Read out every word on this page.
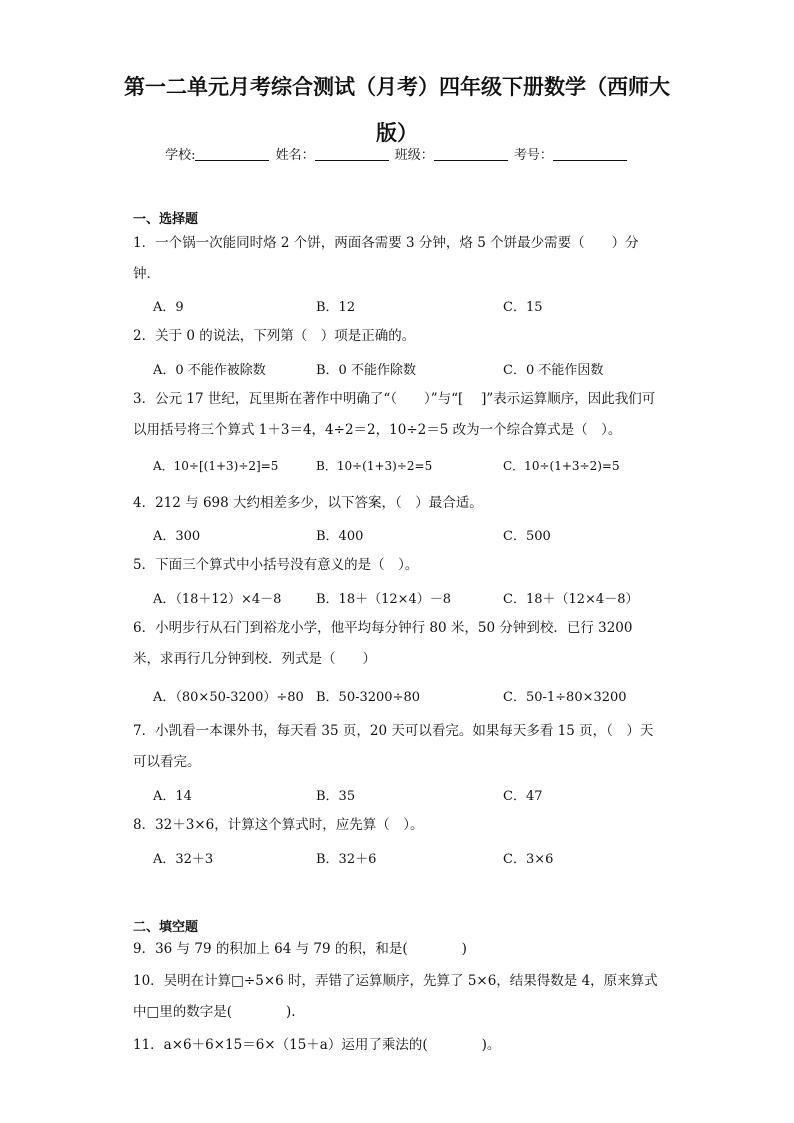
第一二单元月考综合测试（月考）四年级下册数学（西师大
版）
学校:	姓名：	班级：	考号：
一、选择题
1．一个锅一次能同时烙 2 个饼，两面各需要 3 分钟，烙 5 个饼最少需要（　　）分钟．
A．9	B．12	C．15
2．关于 0 的说法，下列第（　）项是正确的。
A．0 不能作被除数	B．0 不能作除数	C．0 不能作因数
3．公元 17 世纪，瓦里斯在著作中明确了“（　　）”与“[　 ]”表示运算顺序，因此我们可以用括号将三个算式 1＋3＝4，4÷2＝2，10÷2＝5 改为一个综合算式是（　）。
A．10÷[(1+3)÷2]=5	B．10÷(1+3)÷2=5	C．10÷(1+3÷2)=5
4．212 与 698 大约相差多少，以下答案，（　）最合适。
A．300	B．400	C．500
5．下面三个算式中小括号没有意义的是（　）。
A．（18＋12）×4－8	B．18＋（12×4）－8	C．18＋（12×4－8）
6．小明步行从石门到裕龙小学，他平均每分钟行 80 米，50 分钟到校．已行 3200 米，求再行几分钟到校．列式是（　　）
A．（80×50-3200）÷80 B．50-3200÷80	C．50-1÷80×3200
7．小凯看一本课外书，每天看 35 页，20 天可以看完。如果每天多看 15 页，（　）天可以看完。
A．14	B．35	C．47
8．32＋3×6，计算这个算式时，应先算（　）。
A．32＋3	B．32＋6	C．3×6
二、填空题
9．36 与 79 的积加上 64 与 79 的积，和是(　　　　)
10．吴明在计算□÷5×6 时，弄错了运算顺序，先算了 5×6，结果得数是 4，原来算式中□里的数字是(　　　　).
11．a×6＋6×15＝6×（15＋a）运用了乘法的(　　　　)。
